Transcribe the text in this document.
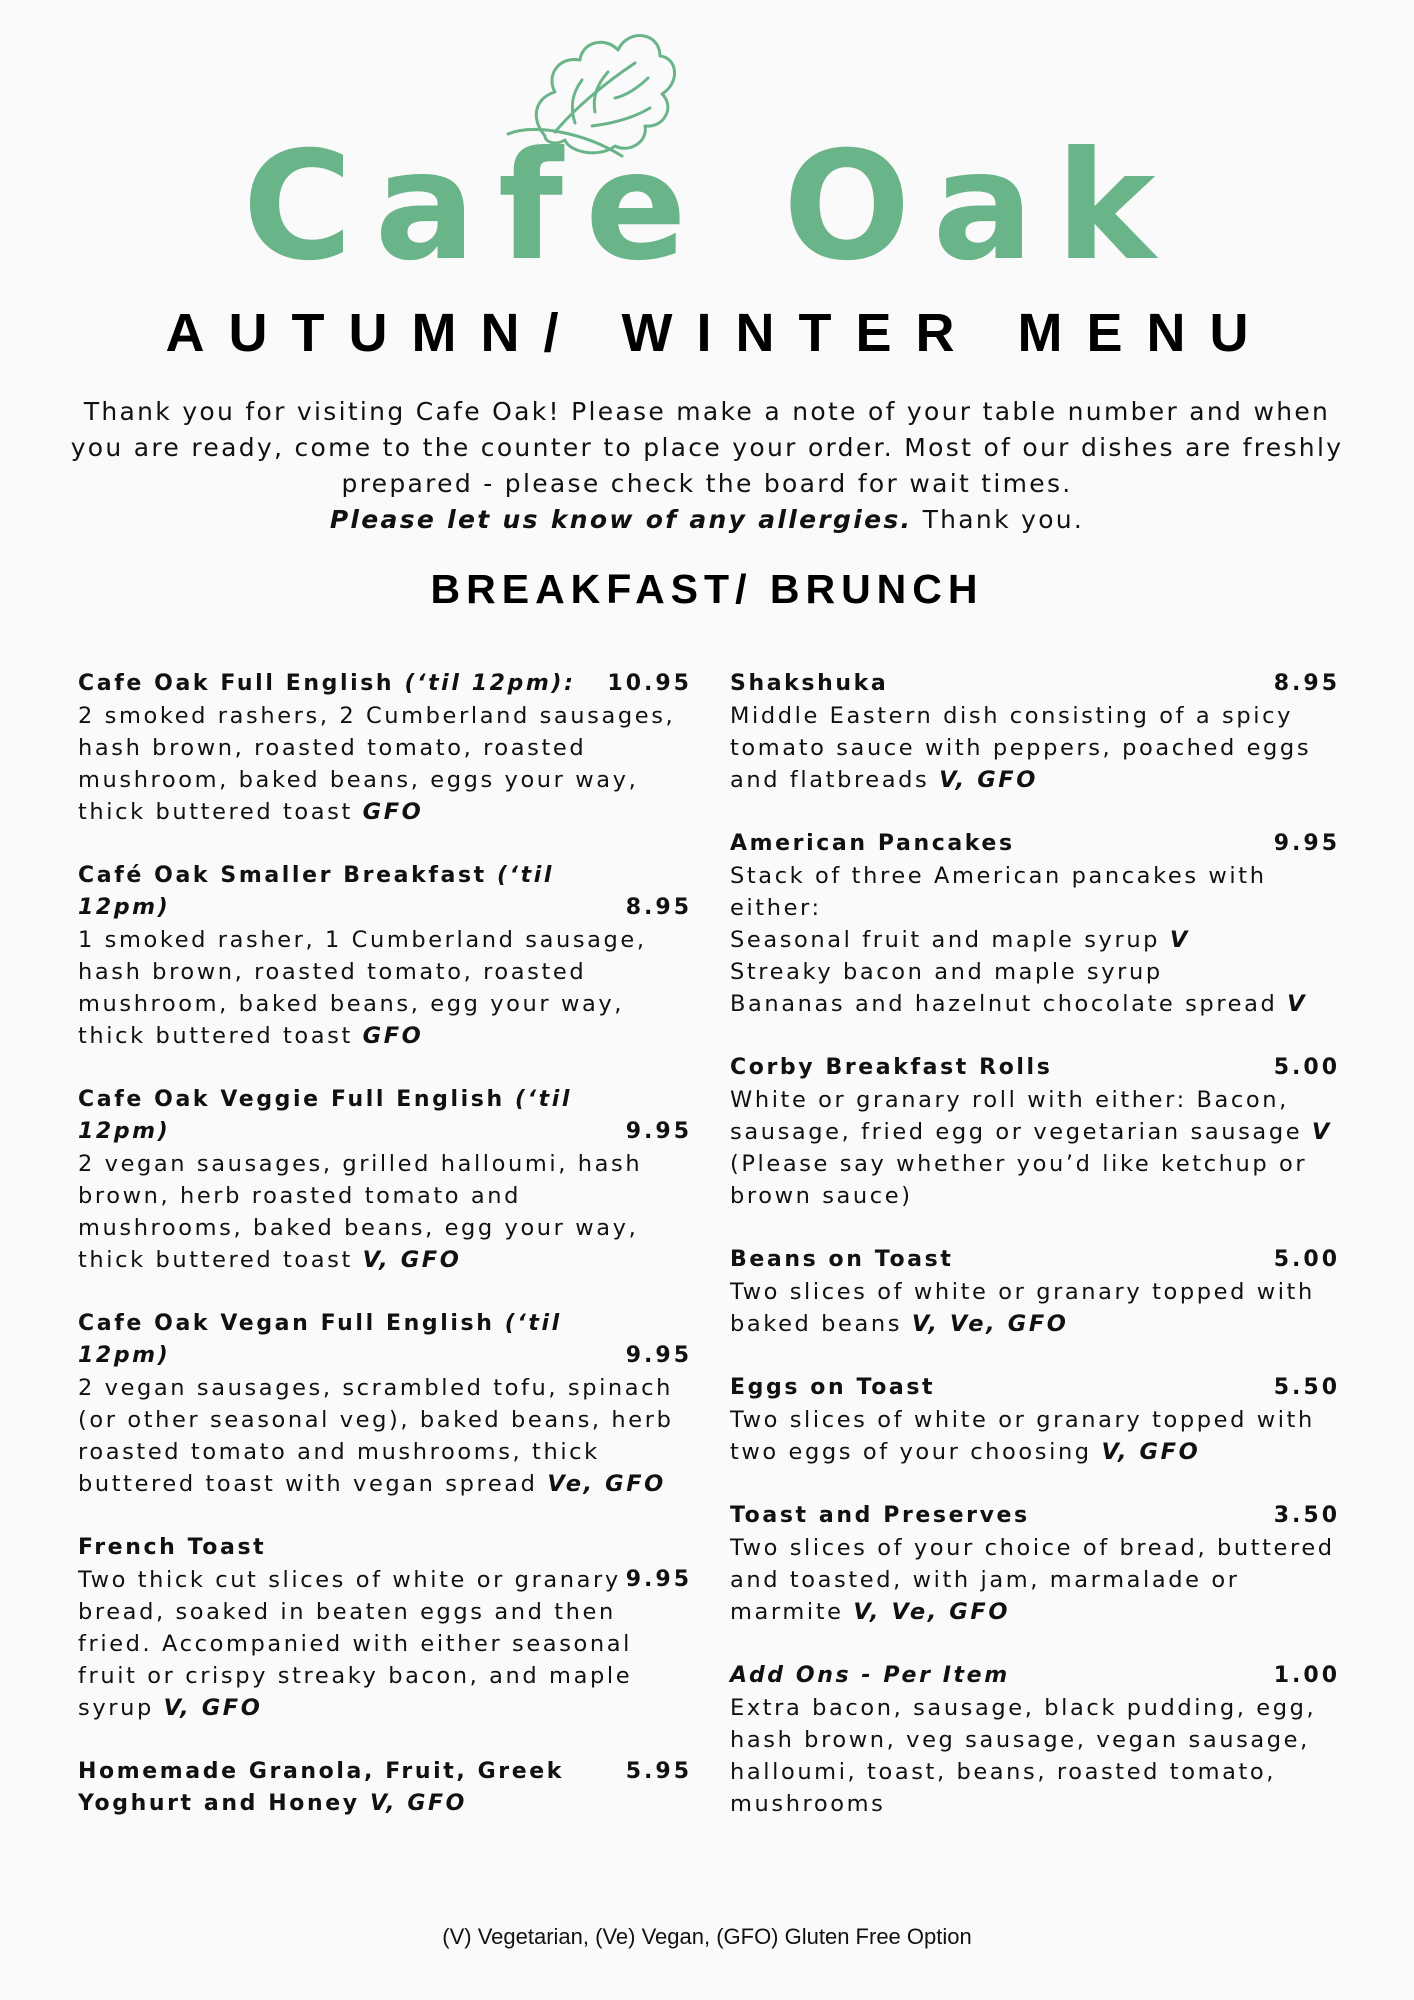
Cafe Oak
AUTUMN/ WINTER MENU
Thank you for visiting Cafe Oak! Please make a note of your table number and when you are ready, come to the counter to place your order. Most of our dishes are freshly prepared - please check the board for wait times.
Please let us know of any allergies. Thank you.
BREAKFAST/ BRUNCH
10.95
Cafe Oak Full English (‘til 12pm):
2 smoked rashers, 2 Cumberland sausages, hash brown, roasted tomato, roasted mushroom, baked beans, eggs your way, thick buttered toast GFO
8.95
Café Oak Smaller Breakfast (‘til 12pm)
1 smoked rasher, 1 Cumberland sausage, hash brown, roasted tomato, roasted mushroom, baked beans, egg your way, thick buttered toast GFO
9.95
Cafe Oak Veggie Full English (‘til 12pm)
2 vegan sausages, grilled halloumi, hash brown, herb roasted tomato and mushrooms, baked beans, egg your way, thick buttered toast V, GFO
9.95
Cafe Oak Vegan Full English (‘til 12pm)
2 vegan sausages, scrambled tofu, spinach (or other seasonal veg), baked beans, herb roasted tomato and mushrooms, thick buttered toast with vegan spread Ve, GFO
9.95
French Toast
Two thick cut slices of white or granary bread, soaked in beaten eggs and then fried. Accompanied with either seasonal fruit or crispy streaky bacon, and maple syrup V, GFO
5.95
Homemade Granola, Fruit, Greek Yoghurt and Honey V, GFO
8.95
Shakshuka
Middle Eastern dish consisting of a spicy tomato sauce with peppers, poached eggs and flatbreads V, GFO
9.95
American Pancakes
Stack of three American pancakes with either:
Seasonal fruit and maple syrup V
Streaky bacon and maple syrup
Bananas and hazelnut chocolate spread V
5.00
Corby Breakfast Rolls
White or granary roll with either: Bacon, sausage, fried egg or vegetarian sausage V
(Please say whether you’d like ketchup or brown sauce)
5.00
Beans on Toast
Two slices of white or granary topped with baked beans V, Ve, GFO
5.50
Eggs on Toast
Two slices of white or granary topped with two eggs of your choosing V, GFO
3.50
Toast and Preserves
Two slices of your choice of bread, buttered and toasted, with jam, marmalade or marmite V, Ve, GFO
1.00
Add Ons - Per Item
Extra bacon, sausage, black pudding, egg, hash brown, veg sausage, vegan sausage, halloumi, toast, beans, roasted tomato, mushrooms
(V) Vegetarian, (Ve) Vegan, (GFO) Gluten Free Option
